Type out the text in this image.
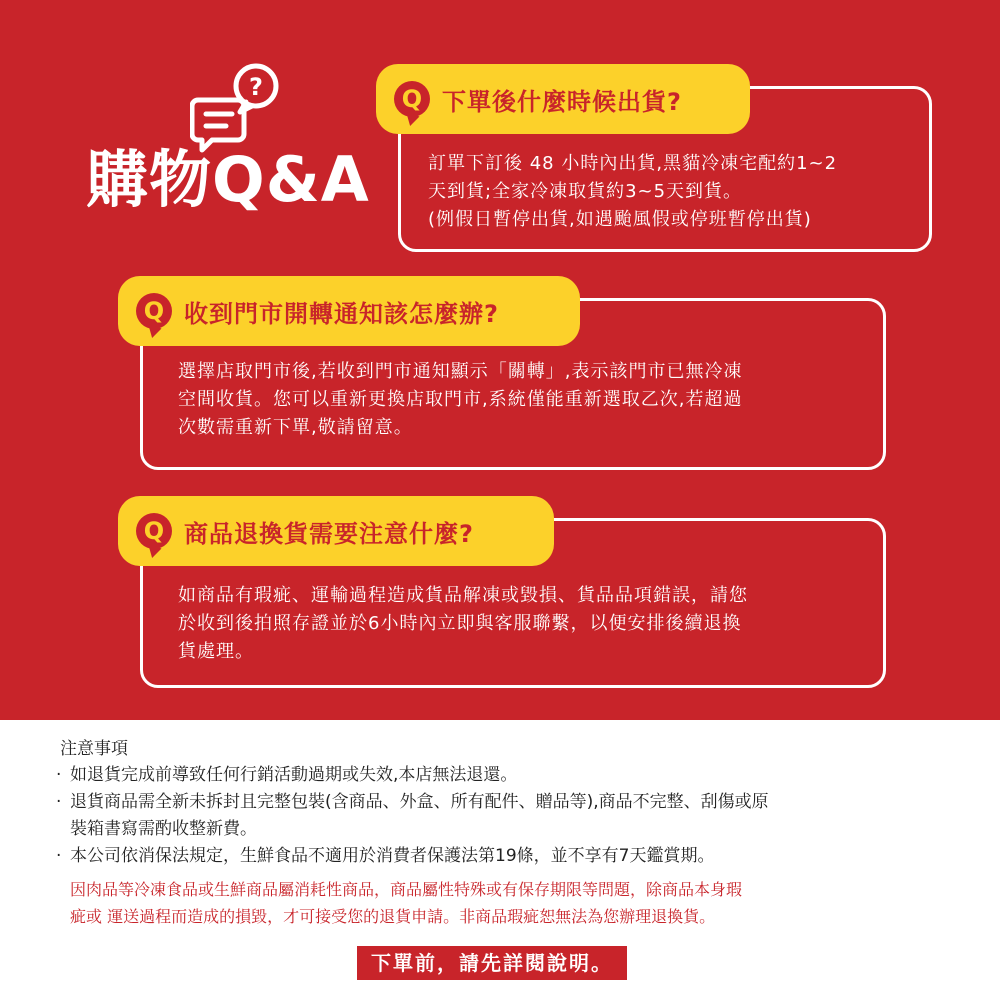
?
購物Q&A
Q 下單後什麼時候出貨?
訂單下訂後 48 小時內出貨,黑貓冷凍宅配約1~2
天到貨;全家冷凍取貨約3~5天到貨。
(例假日暫停出貨,如遇颱風假或停班暫停出貨)
Q 收到門市開轉通知該怎麼辦?
選擇店取門市後,若收到門市通知顯示「關轉」,表示該門市已無冷凍
空間收貨。您可以重新更換店取門市,系統僅能重新選取乙次,若超過
次數需重新下單,敬請留意。
Q 商品退換貨需要注意什麼?
如商品有瑕疵、運輸過程造成貨品解凍或毀損、貨品品項錯誤，請您
於收到後拍照存證並於6小時內立即與客服聯繫，以便安排後續退換
貨處理。
注意事項
· 如退貨完成前導致任何行銷活動過期或失效,本店無法退還。
· 退貨商品需全新未拆封且完整包裝(含商品、外盒、所有配件、贈品等),商品不完整、刮傷或原
裝箱書寫需酌收整新費。
· 本公司依消保法規定，生鮮食品不適用於消費者保護法第19條，並不享有7天鑑賞期。
因肉品等冷凍食品或生鮮商品屬消耗性商品，商品屬性特殊或有保存期限等問題，除商品本身瑕
疵或 運送過程而造成的損毀，才可接受您的退貨申請。非商品瑕疵恕無法為您辦理退換貨。
下單前，請先詳閱說明。
